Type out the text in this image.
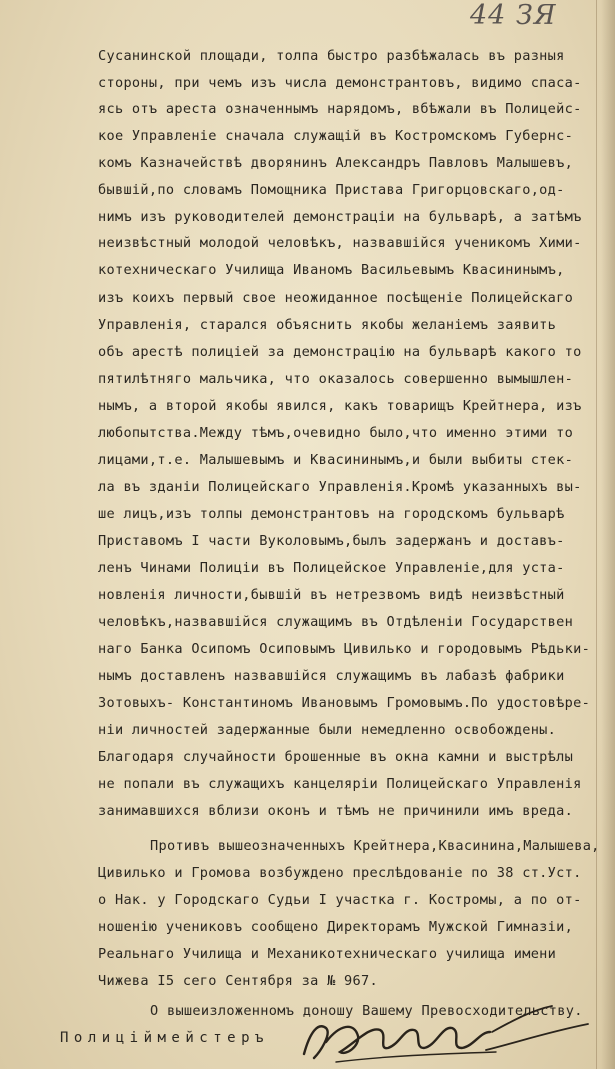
44 ЗЯ
Сусанинской площади, толпа быстро разбѣжалась въ разныя
стороны, при чемъ изъ числа демонстрантовъ, видимо спаса-
ясь отъ ареста означеннымъ нарядомъ, вбѣжали въ Полицейс-
кое Управленіе сначала служащій въ Костромскомъ Губернс-
комъ Казначействѣ дворянинъ Александръ Павловъ Малышевъ,
бывшій,по словамъ Помощника Пристава Григорцовскаго,од-
нимъ изъ руководителей демонстраціи на бульварѣ, а затѣмъ
неизвѣстный молодой человѣкъ, назвавшійся ученикомъ Хими-
котехническаго Училища Иваномъ Васильевымъ Квасининымъ,
изъ коихъ первый свое неожиданное посѣщеніе Полицейскаго
Управленія, старался объяснить якобы желаніемъ заявить
объ арестѣ полиціей за демонстрацію на бульварѣ какого то
пятилѣтняго мальчика, что оказалось совершенно вымышлен-
нымъ, а второй якобы явился, какъ товарищъ Крейтнера, изъ
любопытства.Между тѣмъ,очевидно было,что именно этими то
лицами,т.е. Малышевымъ и Квасининымъ,и были выбиты стек-
ла въ зданіи Полицейскаго Управленія.Кромѣ указанныхъ вы-
ше лицъ,изъ толпы демонстрантовъ на городскомъ бульварѣ
Приставомъ I части Вуколовымъ,былъ задержанъ и доставъ-
ленъ Чинами Полиціи въ Полицейское Управленіе,для уста-
новленія личности,бывшій въ нетрезвомъ видѣ неизвѣстный
человѣкъ,назвавшійся служащимъ въ Отдѣленіи Государствен
наго Банка Осипомъ Осиповымъ Цивилько и городовымъ Рѣдьки-
нымъ доставленъ назвавшійся служащимъ въ лабазѣ фабрики
Зотовыхъ- Константиномъ Ивановымъ Громовымъ.По удостовѣре-
ніи личностей задержанные были немедленно освобождены.
Благодаря случайности брошенные въ окна камни и выстрѣлы
не попали въ служащихъ канцеляріи Полицейскаго Управленія
занимавшихся вблизи оконъ и тѣмъ не причинили имъ вреда.
Противъ вышеозначенныхъ Крейтнера,Квасинина,Малышева,
Цивилько и Громова возбуждено преслѣдованіе по 38 ст.Уст.
о Нак. у Городскаго Судьи I участка г. Костромы, а по от-
ношенію учениковъ сообщено Директорамъ Мужской Гимназіи,
Реальнаго Училища и Механикотехническаго училища имени
Чижева I5 сего Сентября за № 967.
О вышеизложенномъ доношу Вашему Превосходительству.
Полицiймейстеръ
